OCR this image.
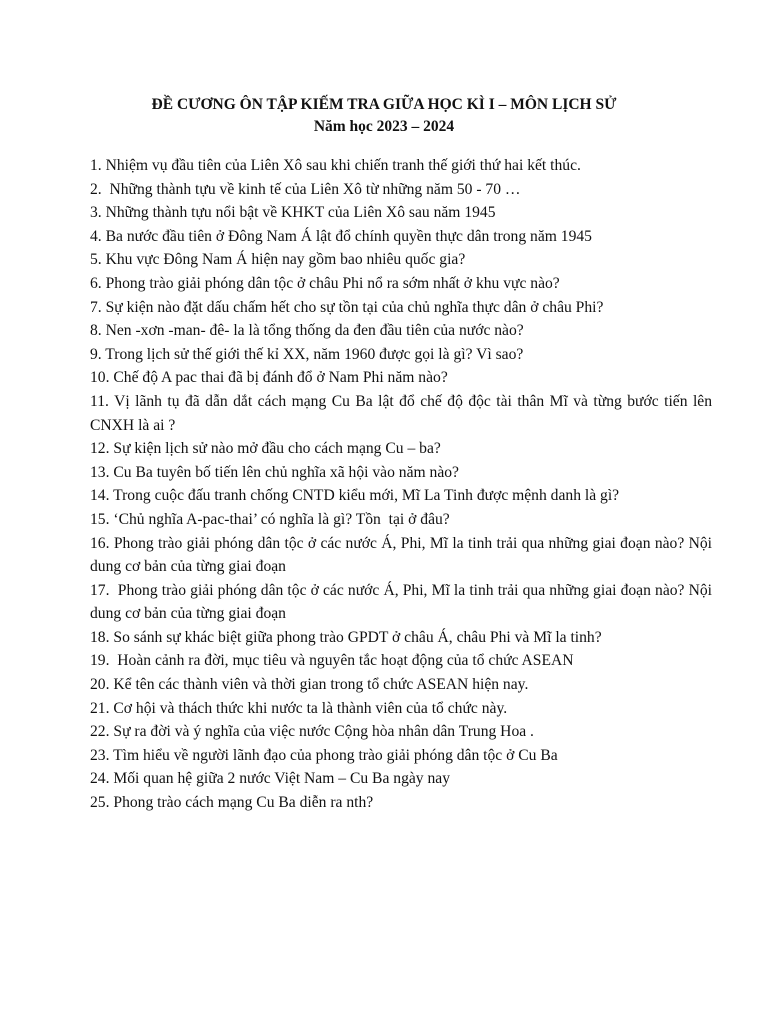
ĐỀ CƯƠNG ÔN TẬP KIẾM TRA GIỮA HỌC KÌ I – MÔN LỊCH SỬ
Năm học 2023 – 2024
1. Nhiệm vụ đầu tiên của Liên Xô sau khi chiến tranh thế giới thứ hai kết thúc.
2.  Những thành tựu về kinh tế của Liên Xô từ những năm 50 - 70 …
3. Những thành tựu nổi bật về KHKT của Liên Xô sau năm 1945
4. Ba nước đầu tiên ở Đông Nam Á lật đổ chính quyền thực dân trong năm 1945
5. Khu vực Đông Nam Á hiện nay gồm bao nhiêu quốc gia?
6. Phong trào giải phóng dân tộc ở châu Phi nổ ra sớm nhất ở khu vực nào?
7. Sự kiện nào đặt dấu chấm hết cho sự tồn tại của chủ nghĩa thực dân ở châu Phi?
8. Nen -xơn -man- đê- la là tổng thống da đen đầu tiên của nước nào?
9. Trong lịch sử thế giới thế kỉ XX, năm 1960 được gọi là gì? Vì sao?
10. Chế độ A pac thai đã bị đánh đổ ở Nam Phi năm nào?
11. Vị lãnh tụ đã dẫn dắt cách mạng Cu Ba lật đổ chế độ độc tài thân Mĩ và từng bước tiến lên CNXH là ai ?
12. Sự kiện lịch sử nào mở đầu cho cách mạng Cu – ba?
13. Cu Ba tuyên bố tiến lên chủ nghĩa xã hội vào năm nào?
14. Trong cuộc đấu tranh chống CNTD kiểu mới, Mĩ La Tinh được mệnh danh là gì?
15. ‘Chủ nghĩa A-pac-thai’ có nghĩa là gì? Tồn  tại ở đâu?
16. Phong trào giải phóng dân tộc ở các nước Á, Phi, Mĩ la tinh trải qua những giai đoạn nào? Nội dung cơ bản của từng giai đoạn
17.  Phong trào giải phóng dân tộc ở các nước Á, Phi, Mĩ la tinh trải qua những giai đoạn nào? Nội dung cơ bản của từng giai đoạn
18. So sánh sự khác biệt giữa phong trào GPDT ở châu Á, châu Phi và Mĩ la tinh?
19.  Hoàn cảnh ra đời, mục tiêu và nguyên tắc hoạt động của tổ chức ASEAN
20. Kể tên các thành viên và thời gian trong tổ chức ASEAN hiện nay.
21. Cơ hội và thách thức khi nước ta là thành viên của tổ chức này.
22. Sự ra đời và ý nghĩa của việc nước Cộng hòa nhân dân Trung Hoa .
23. Tìm hiểu về người lãnh đạo của phong trào giải phóng dân tộc ở Cu Ba
24. Mối quan hệ giữa 2 nước Việt Nam – Cu Ba ngày nay
25. Phong trào cách mạng Cu Ba diễn ra nth?
